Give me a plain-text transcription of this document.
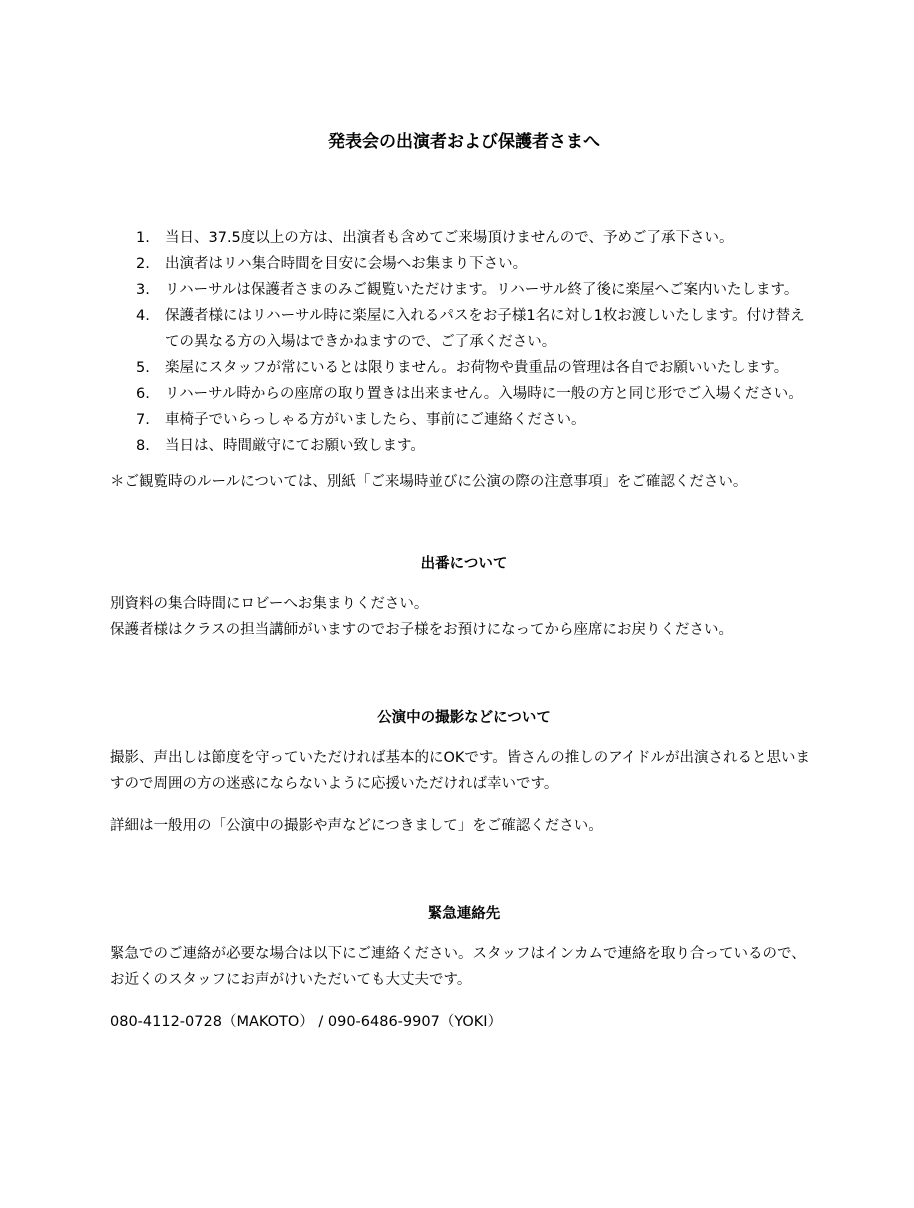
発表会の出演者および保護者さまへ
1.	当日、37.5度以上の方は、出演者も含めてご来場頂けませんので、予めご了承下さい。
2.	出演者はリハ集合時間を目安に会場へお集まり下さい。
3.	リハーサルは保護者さまのみご観覧いただけます。リハーサル終了後に楽屋へご案内いたします。
4.	保護者様にはリハーサル時に楽屋に入れるパスをお子様1名に対し1枚お渡しいたします。付け替えての異なる方の入場はできかねますので、ご了承ください。
5.	楽屋にスタッフが常にいるとは限りません。お荷物や貴重品の管理は各自でお願いいたします。
6.	リハーサル時からの座席の取り置きは出来ません。入場時に一般の方と同じ形でご入場ください。
7.	車椅子でいらっしゃる方がいましたら、事前にご連絡ください。
8.	当日は、時間厳守にてお願い致します。

＊ご観覧時のルールについては、別紙「ご来場時並びに公演の際の注意事項」をご確認ください。

出番について

別資料の集合時間にロビーへお集まりください。

保護者様はクラスの担当講師がいますのでお子様をお預けになってから座席にお戻りください。

公演中の撮影などについて

撮影、声出しは節度を守っていただければ基本的にOKです。皆さんの推しのアイドルが出演されると思いますので周囲の方の迷惑にならないように応援いただければ幸いです。

詳細は一般用の「公演中の撮影や声などにつきまして」をご確認ください。

緊急連絡先

緊急でのご連絡が必要な場合は以下にご連絡ください。スタッフはインカムで連絡を取り合っているので、お近くのスタッフにお声がけいただいても大丈夫です。

080-4112-0728（MAKOTO） / 090-6486-9907（YOKI）
